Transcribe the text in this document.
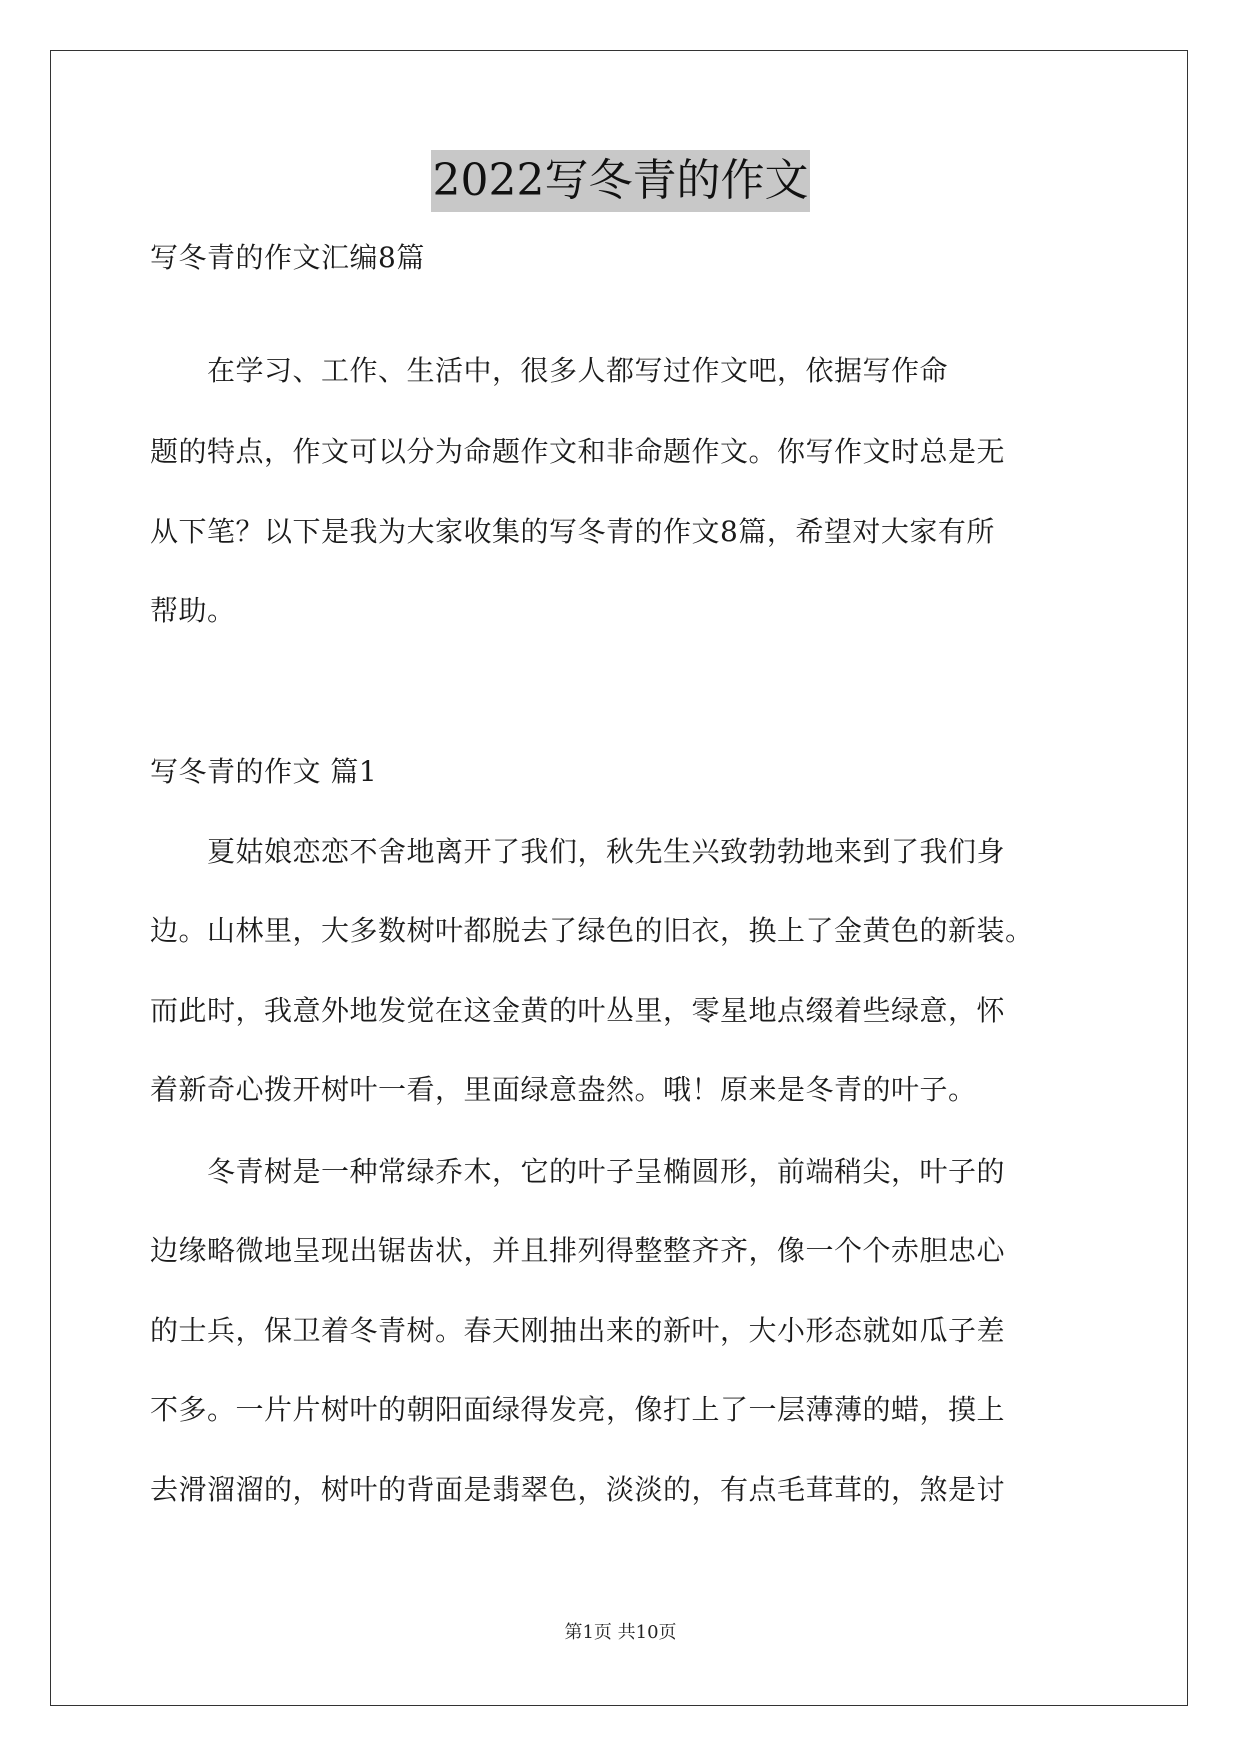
2022写冬青的作文
写冬青的作文汇编8篇
　　在学习、工作、生活中，很多人都写过作文吧，依据写作命
题的特点，作文可以分为命题作文和非命题作文。你写作文时总是无
从下笔？以下是我为大家收集的写冬青的作文8篇，希望对大家有所
帮助。
写冬青的作文 篇1
　　夏姑娘恋恋不舍地离开了我们，秋先生兴致勃勃地来到了我们身
边。山林里，大多数树叶都脱去了绿色的旧衣，换上了金黄色的新装。
而此时，我意外地发觉在这金黄的叶丛里，零星地点缀着些绿意，怀
着新奇心拨开树叶一看，里面绿意盎然。哦！原来是冬青的叶子。
　　冬青树是一种常绿乔木，它的叶子呈椭圆形，前端稍尖，叶子的
边缘略微地呈现出锯齿状，并且排列得整整齐齐，像一个个赤胆忠心
的士兵，保卫着冬青树。春天刚抽出来的新叶，大小形态就如瓜子差
不多。一片片树叶的朝阳面绿得发亮，像打上了一层薄薄的蜡，摸上
去滑溜溜的，树叶的背面是翡翠色，淡淡的，有点毛茸茸的，煞是讨
第1页 共10页
